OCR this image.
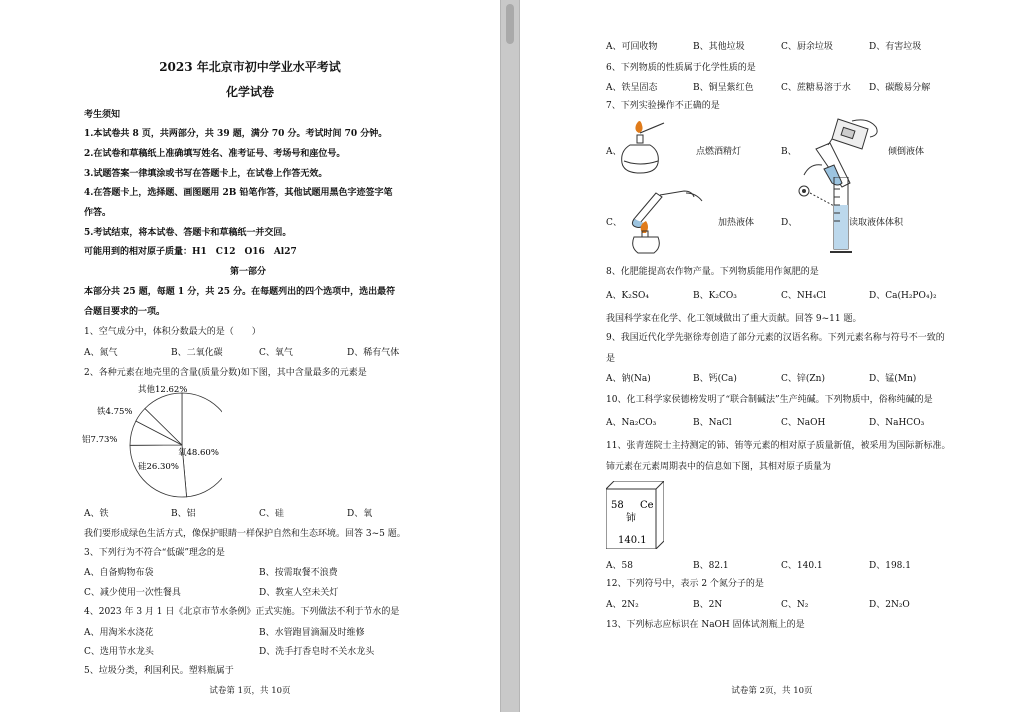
2023 年北京市初中学业水平考试
化学试卷
考生须知
1.本试卷共 8 页，共两部分，共 39 题，满分 70 分。考试时间 70 分钟。
2.在试卷和草稿纸上准确填写姓名、准考证号、考场号和座位号。
3.试题答案一律填涂或书写在答题卡上，在试卷上作答无效。
4.在答题卡上，选择题、画图题用 2B 铅笔作答，其他试题用黑色字迹签字笔
作答。
5.考试结束，将本试卷、答题卡和草稿纸一并交回。
可能用到的相对原子质量：H1　C12　O16　Al27
第一部分
本部分共 25 题，每题 1 分，共 25 分。在每题列出的四个选项中，选出最符
合题目要求的一项。
1、空气成分中，体积分数最大的是（　　）
A、氮气	B、二氧化碳	C、氧气	D、稀有气体
2、各种元素在地壳里的含量(质量分数)如下图，其中含量最多的元素是
氧48.60%
硅26.30%
铝7.73%
铁4.75%
其他12.62%
A、铁	B、铝	C、硅	D、氧
我们要形成绿色生活方式，像保护眼睛一样保护自然和生态环境。回答 3~5 题。
3、下列行为不符合“低碳”理念的是
A、自备购物布袋	B、按需取餐不浪费
C、减少使用一次性餐具	D、教室人空未关灯
4、2023 年 3 月 1 日《北京市节水条例》正式实施。下列做法不利于节水的是
A、用淘米水浇花	B、水管跑冒滴漏及时维修
C、选用节水龙头	D、洗手打香皂时不关水龙头
5、垃圾分类，利国利民。塑料瓶属于
试卷第 1页，共 10页
A、可回收物	B、其他垃圾	C、厨余垃圾	D、有害垃圾
6、下列物质的性质属于化学性质的是
A、铁呈固态	B、铜呈紫红色	C、蔗糖易溶于水 D、碳酸易分解
7、下列实验操作不正确的是
A、	点燃酒精灯	B、	倾倒液体
C、	加热液体	D、	读取液体体积
8、化肥能提高农作物产量。下列物质能用作氮肥的是
A、K₂SO₄	B、K₂CO₃	C、NH₄Cl	D、Ca(H₂PO₄)₂
我国科学家在化学、化工领域做出了重大贡献。回答 9~11 题。
9、我国近代化学先驱徐寿创造了部分元素的汉语名称。下列元素名称与符号不一致的
是
A、钠(Na)	B、钙(Ca)	C、锌(Zn)	D、锰(Mn)
10、化工科学家侯德榜发明了“联合制碱法”生产纯碱。下列物质中，俗称纯碱的是
A、Na₂CO₃	B、NaCl	C、NaOH	D、NaHCO₃
11、张青莲院士主持测定的铈、铕等元素的相对原子质量新值，被采用为国际新标准。
铈元素在元素周期表中的信息如下图，其相对原子质量为
A、58	B、82.1	C、140.1	D、198.1
12、下列符号中，表示 2 个氮分子的是
A、2N₂	B、2N	C、N₂	D、2N₂O
13、下列标志应标识在 NaOH 固体试剂瓶上的是
试卷第 2页，共 10页
58 Ce
铈
140.1
